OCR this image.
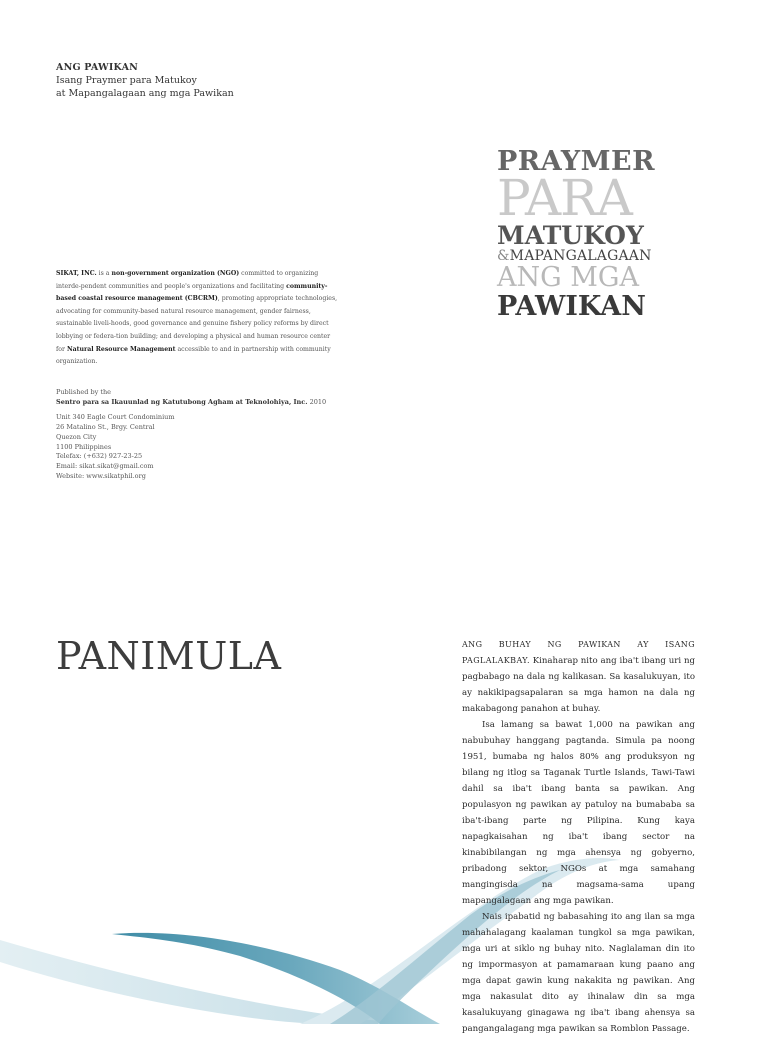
ANG PAWIKAN
Isang Praymer para Matukoy
at Mapangalagaan ang mga Pawikan
PRAYMER
PARA
MATUKOY
&MAPANGALAGAAN
ANG MGA
PAWIKAN
SIKAT, INC. is a non-government organization (NGO) committed to organizing interde-pendent communities and people's organizations and facilitating community-based coastal resource management (CBCRM), promoting appropriate technologies, advocating for community-based natural resource management, gender fairness, sustainable liveli-hoods, good governance and genuine fishery policy reforms by direct lobbying or federa-tion building; and developing a physical and human resource center for Natural Resource Management accessible to and in partnership with community organization.
Published by the
Sentro para sa Ikauunlad ng Katutubong Agham at Teknolohiya, Inc. 2010
Unit 340 Eagle Court Condominium
26 Matalino St., Brgy. Central
Quezon City
1100 Philippines
Telefax: (+632) 927-23-25
Email: sikat.sikat@gmail.com
Website: www.sikatphil.org
PANIMULA	ANG BUHAY NG PAWIKAN AY ISANG PAGLALAKBAY. Kinaharap nito ang iba't ibang uri ng pagbabago na dala ng kalikasan. Sa kasalukuyan, ito ay nakikipagsapalaran sa mga hamon na dala ng makabagong panahon at buhay.

Isa lamang sa bawat 1,000 na pawikan ang nabubuhay hanggang pagtanda. Simula pa noong 1951, bumaba ng halos 80% ang produksyon ng bilang ng itlog sa Taganak Turtle Islands, Tawi-Tawi dahil sa iba't ibang banta sa pawikan. Ang populasyon ng pawikan ay patuloy na bumababa sa iba't-ibang parte ng Pilipina. Kung kaya napagkaisahan ng iba't ibang sector na kinabibilangan ng mga ahensya ng gobyerno, pribadong sektor, NGOs at mga samahang mangingisda na magsama-sama upang mapangalagaan ang mga pawikan.

Nais ipabatid ng babasahing ito ang ilan sa mga mahahalagang kaalaman tungkol sa mga pawikan, mga uri at siklo ng buhay nito. Naglalaman din ito ng impormasyon at pamamaraan kung paano ang mga dapat gawin kung nakakita ng pawikan. Ang mga nakasulat dito ay ihinalaw din sa mga kasalukuyang ginagawa ng iba't ibang ahensya sa pangangalagang mga pawikan sa Romblon Passage.
